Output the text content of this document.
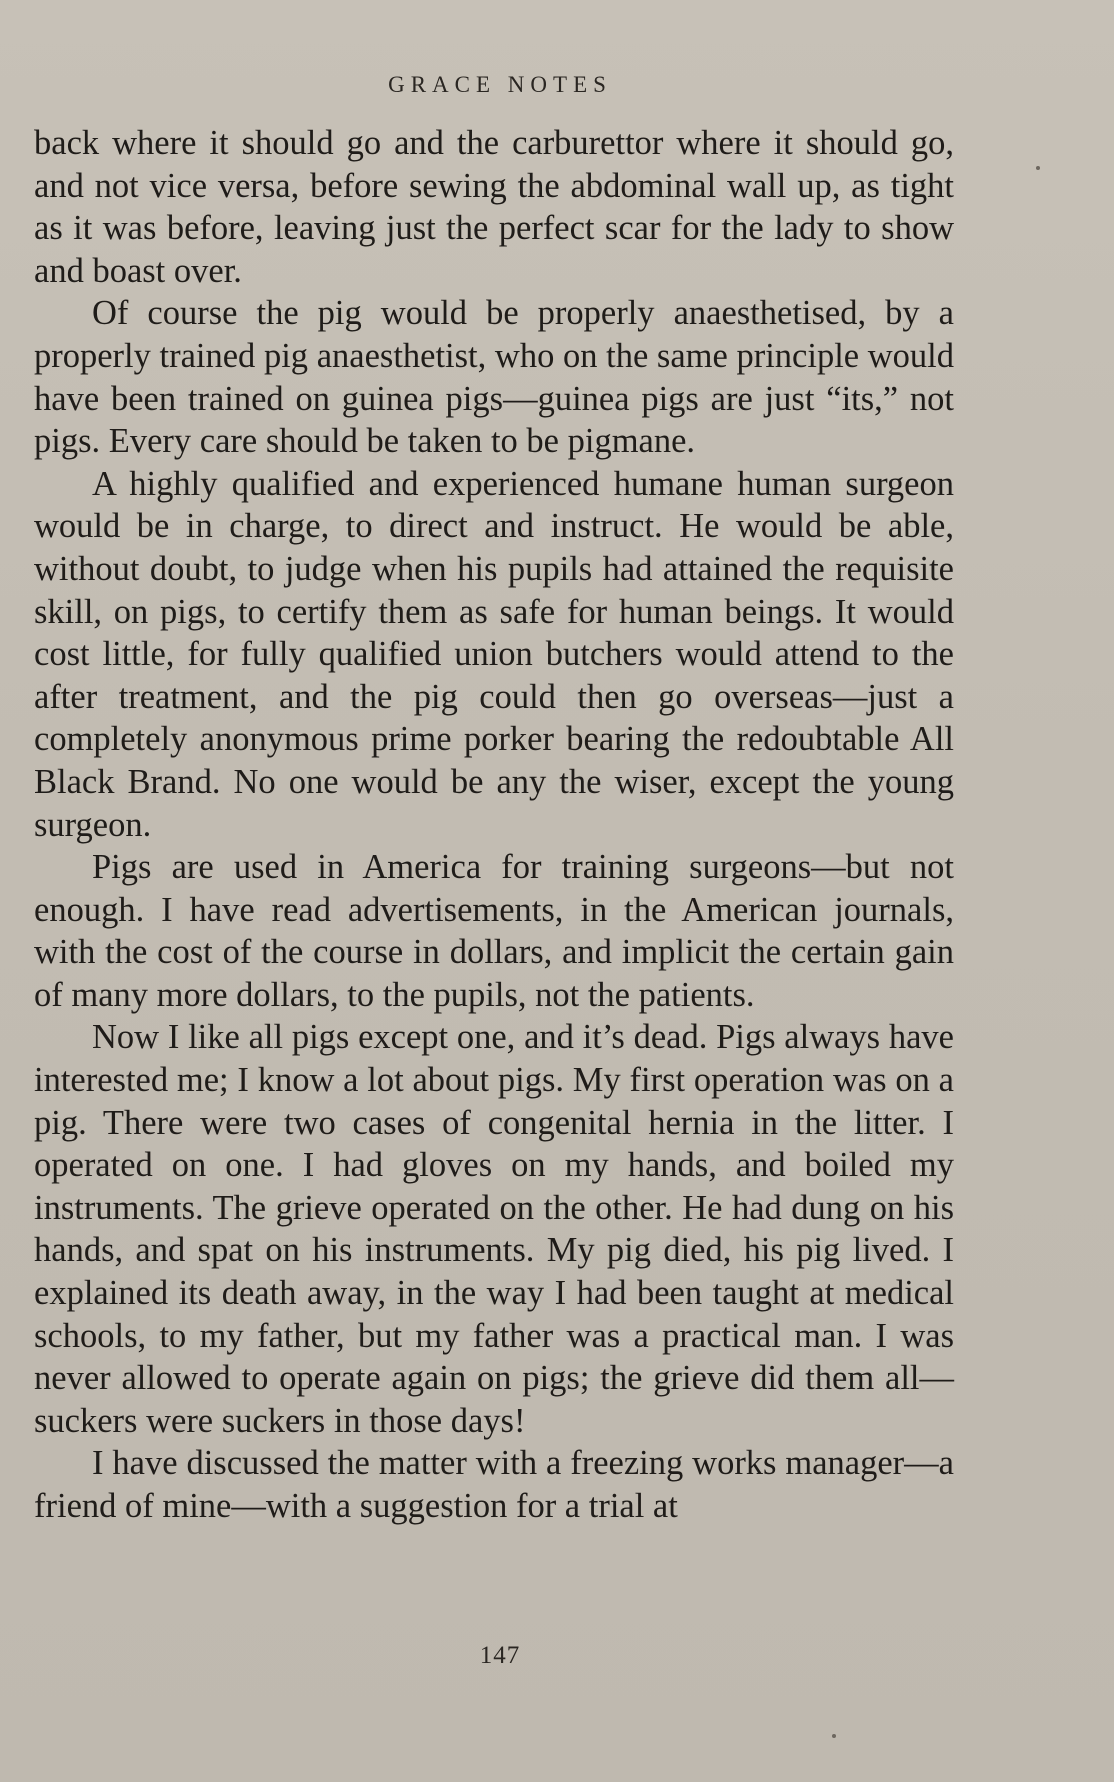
GRACE NOTES

back where it should go and the carburettor where it should go, and not vice versa, before sewing the abdominal wall up, as tight as it was before, leaving just the perfect scar for the lady to show and boast over.

Of course the pig would be properly anaesthetised, by a properly trained pig anaesthetist, who on the same principle would have been trained on guinea pigs—guinea pigs are just “its,” not pigs. Every care should be taken to be pigmane.

A highly qualified and experienced humane human surgeon would be in charge, to direct and instruct. He would be able, without doubt, to judge when his pupils had attained the requisite skill, on pigs, to certify them as safe for human beings. It would cost little, for fully qualified union butchers would attend to the after treatment, and the pig could then go overseas—just a completely anonymous prime porker bearing the redoubtable All Black Brand. No one would be any the wiser, except the young surgeon.

Pigs are used in America for training surgeons—but not enough. I have read advertisements, in the American journals, with the cost of the course in dollars, and implicit the certain gain of many more dollars, to the pupils, not the patients.

Now I like all pigs except one, and it’s dead. Pigs always have interested me; I know a lot about pigs. My first operation was on a pig. There were two cases of congenital hernia in the litter. I operated on one. I had gloves on my hands, and boiled my instruments. The grieve operated on the other. He had dung on his hands, and spat on his instruments. My pig died, his pig lived. I explained its death away, in the way I had been taught at medical schools, to my father, but my father was a practical man. I was never allowed to operate again on pigs; the grieve did them all—suckers were suckers in those days!

I have discussed the matter with a freezing works manager—a friend of mine—with a suggestion for a trial at

147
